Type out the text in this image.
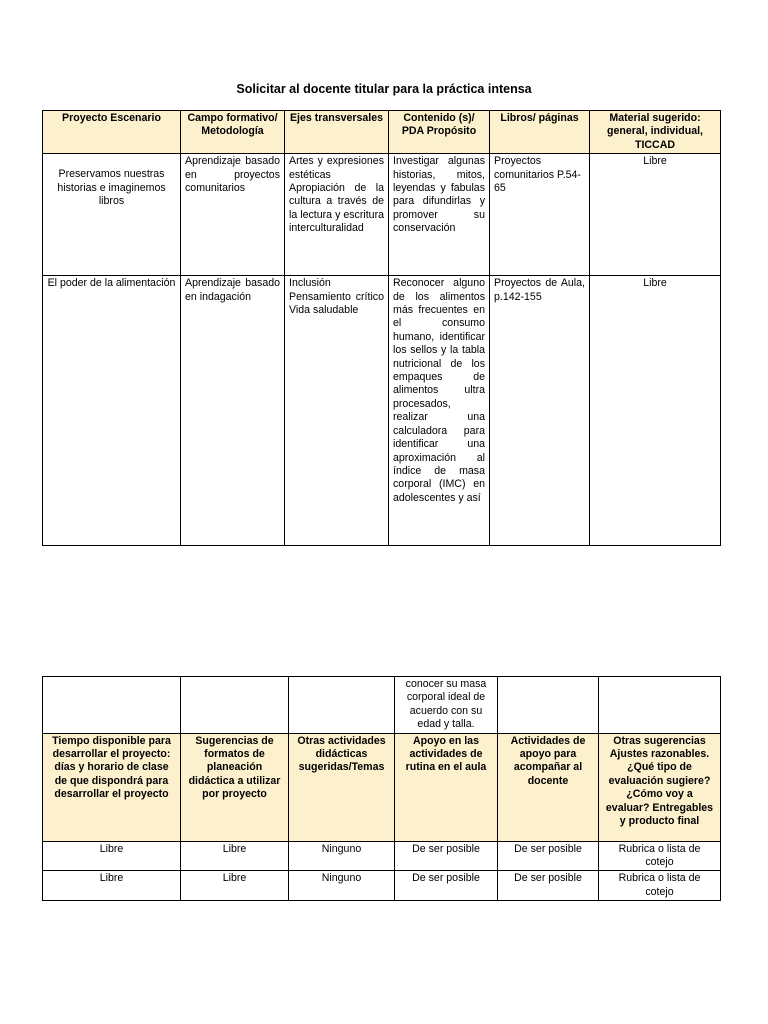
Solicitar al docente titular para la práctica intensa
Proyecto Escenario	Campo formativo/ Metodología	Ejes transversales	Contenido (s)/ PDA Propósito	Libros/ páginas	Material sugerido: general, individual, TICCAD
Preservamos nuestras historias e imaginemos libros	Aprendizaje basado en proyectos comunitarios	Artes y expresiones estéticas Apropiación de la cultura a través de la lectura y escritura interculturalidad	Investigar algunas historias, mitos, leyendas y fabulas para difundirlas y promover su conservación	Proyectos comunitarios P.54- 65	Libre
El poder de la alimentación	Aprendizaje basado en indagación	Inclusión Pensamiento crítico Vida saludable	Reconocer alguno de los alimentos más frecuentes en el consumo humano, identificar los sellos y la tabla nutricional de los empaques de alimentos ultra procesados, realizar una calculadora para identificar una aproximación al índice de masa corporal (IMC) en adolescentes y así	Proyectos de Aula, p.142-155	Libre
			conocer su masa corporal ideal de acuerdo con su edad y talla.		
Tiempo disponible para desarrollar el proyecto: días y horario de clase de que dispondrá para desarrollar el proyecto	Sugerencias de formatos de planeación didáctica a utilizar por proyecto	Otras actividades didácticas sugeridas/Temas	Apoyo en las actividades de rutina en el aula	Actividades de apoyo para acompañar al docente	Otras sugerencias Ajustes razonables. ¿Qué tipo de evaluación sugiere? ¿Cómo voy a evaluar? Entregables y producto final
Libre	Libre	Ninguno	De ser posible	De ser posible	Rubrica o lista de cotejo
Libre	Libre	Ninguno	De ser posible	De ser posible	Rubrica o lista de cotejo
